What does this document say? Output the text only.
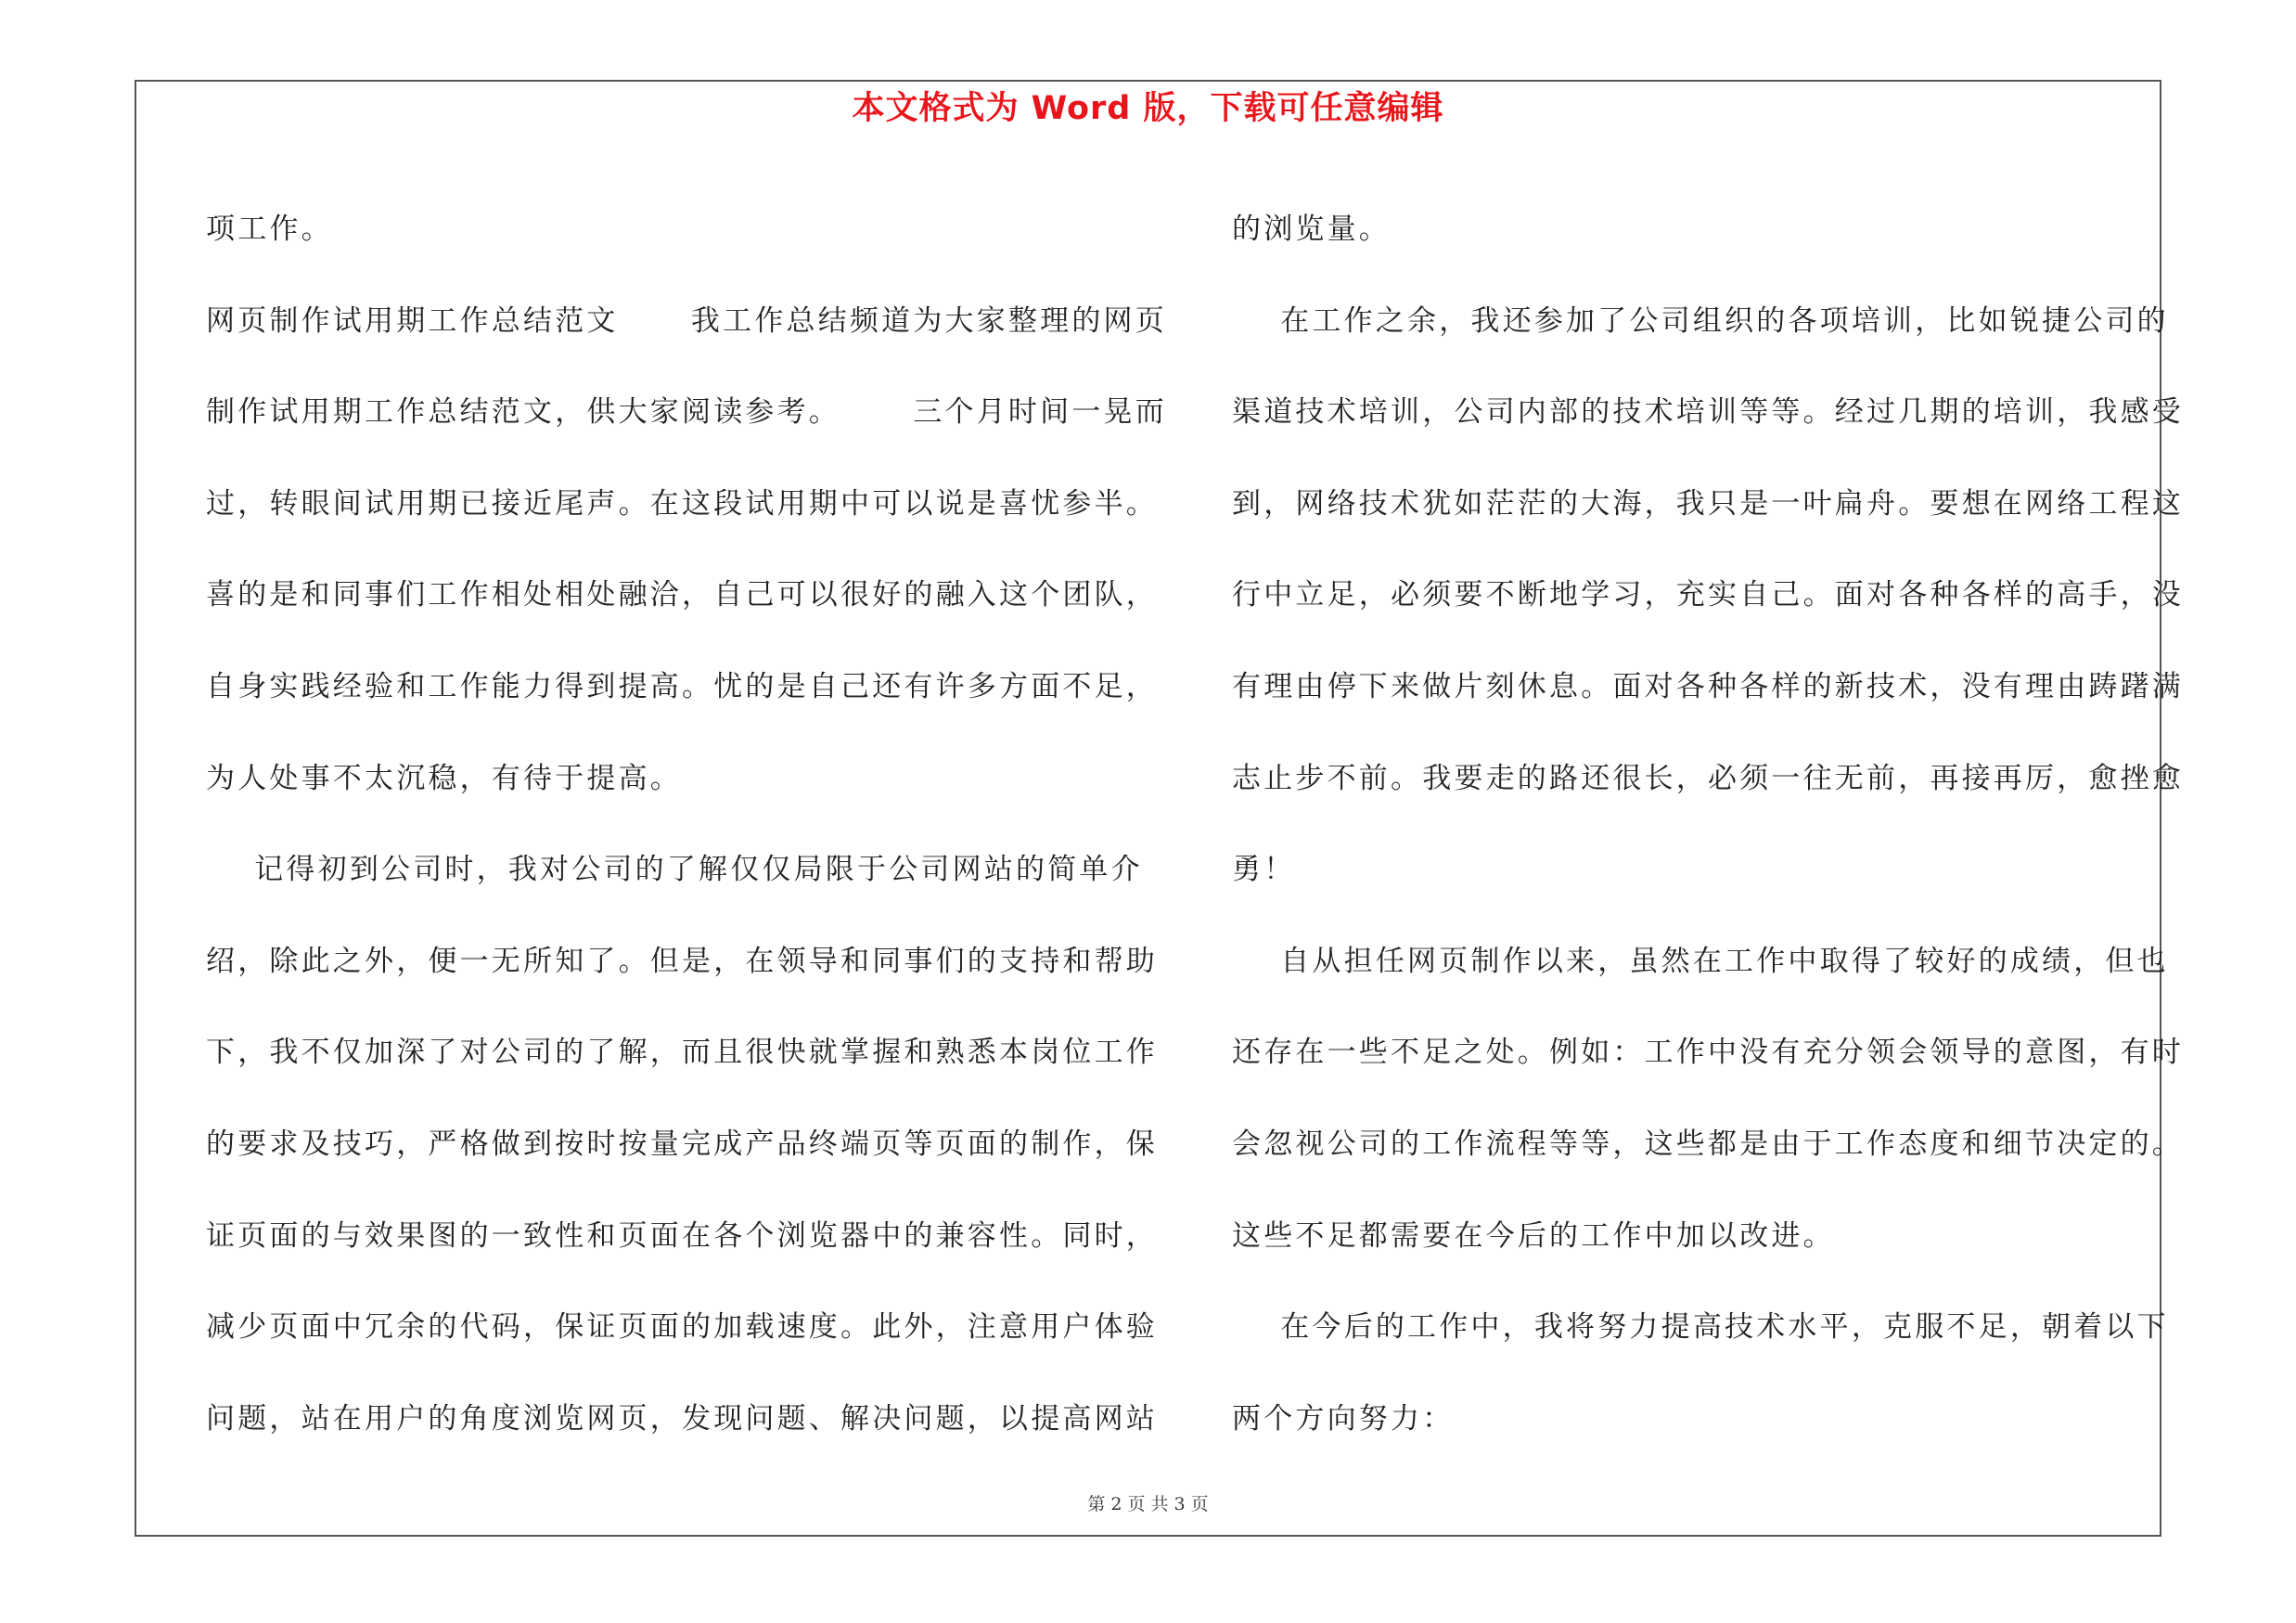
本文格式为 Word 版，下载可任意编辑
项工作。
网页制作试用期工作总结范文      我工作总结频道为大家整理的网页
制作试用期工作总结范文，供大家阅读参考。      三个月时间一晃而
过，转眼间试用期已接近尾声。在这段试用期中可以说是喜忧参半。
喜的是和同事们工作相处相处融洽，自己可以很好的融入这个团队，
自身实践经验和工作能力得到提高。忧的是自己还有许多方面不足，
为人处事不太沉稳，有待于提高。
记得初到公司时，我对公司的了解仅仅局限于公司网站的简单介
绍，除此之外，便一无所知了。但是，在领导和同事们的支持和帮助
下，我不仅加深了对公司的了解，而且很快就掌握和熟悉本岗位工作
的要求及技巧，严格做到按时按量完成产品终端页等页面的制作，保
证页面的与效果图的一致性和页面在各个浏览器中的兼容性。同时，
减少页面中冗余的代码，保证页面的加载速度。此外，注意用户体验
问题，站在用户的角度浏览网页，发现问题、解决问题，以提高网站
的浏览量。
在工作之余，我还参加了公司组织的各项培训，比如锐捷公司的
渠道技术培训，公司内部的技术培训等等。经过几期的培训，我感受
到，网络技术犹如茫茫的大海，我只是一叶扁舟。要想在网络工程这
行中立足，必须要不断地学习，充实自己。面对各种各样的高手，没
有理由停下来做片刻休息。面对各种各样的新技术，没有理由踌躇满
志止步不前。我要走的路还很长，必须一往无前，再接再厉，愈挫愈
勇！
自从担任网页制作以来，虽然在工作中取得了较好的成绩，但也
还存在一些不足之处。例如：工作中没有充分领会领导的意图，有时
会忽视公司的工作流程等等，这些都是由于工作态度和细节决定的。
这些不足都需要在今后的工作中加以改进。
在今后的工作中，我将努力提高技术水平，克服不足，朝着以下
两个方向努力：
第 2 页 共 3 页
